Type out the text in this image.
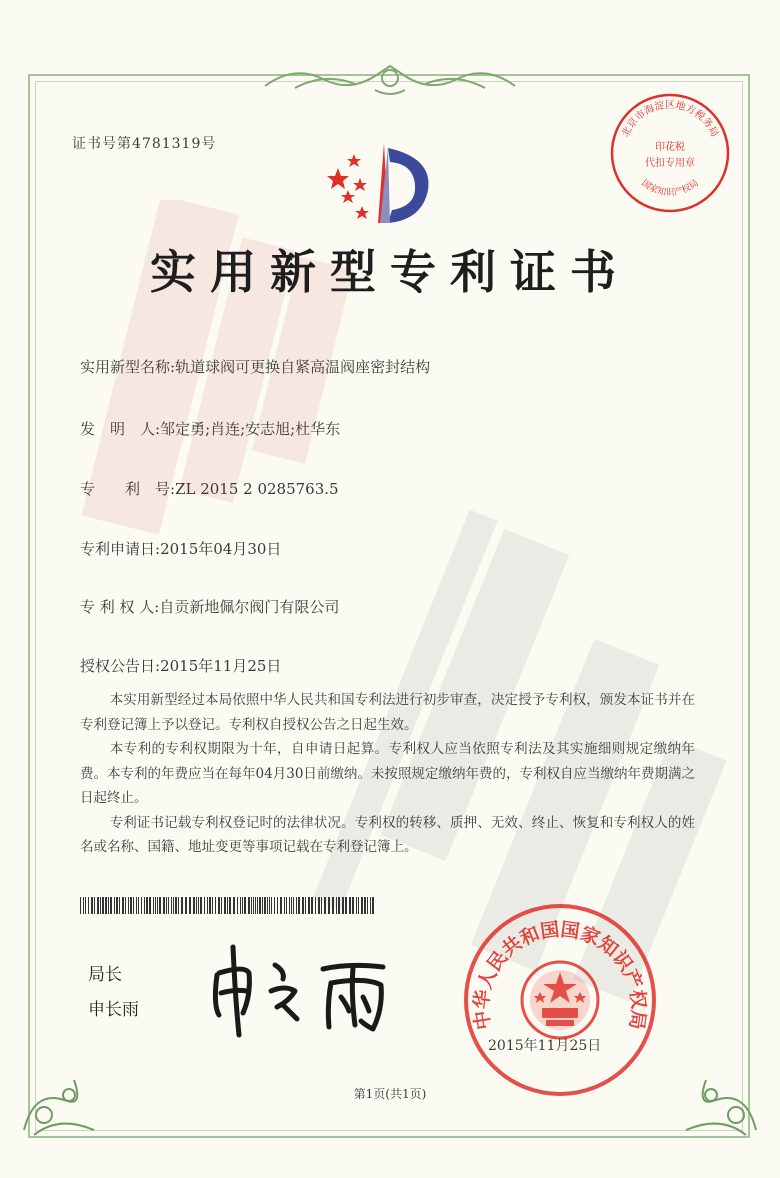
证书号第4781319号
北京市海淀区地方税务局
印花税
代扣专用章
国家知识产权局
实用新型专利证书
实用新型名称:轨道球阀可更换自紧高温阀座密封结构
发　明　人:邹定勇;肖连;安志旭;杜华东
专　　利　号:ZL 2015 2 0285763.5
专利申请日:2015年04月30日
专 利 权 人:自贡新地佩尔阀门有限公司
授权公告日:2015年11月25日

本实用新型经过本局依照中华人民共和国专利法进行初步审查，决定授予专利权，颁发本证书并在专利登记簿上予以登记。专利权自授权公告之日起生效。

本专利的专利权期限为十年，自申请日起算。专利权人应当依照专利法及其实施细则规定缴纳年费。本专利的年费应当在每年04月30日前缴纳。未按照规定缴纳年费的，专利权自应当缴纳年费期满之日起终止。

专利证书记载专利权登记时的法律状况。专利权的转移、质押、无效、终止、恢复和专利权人的姓名或名称、国籍、地址变更等事项记载在专利登记簿上。

局长
申长雨	中华人民共和国国家知识产权局
2015年11月25日
第1页(共1页)
